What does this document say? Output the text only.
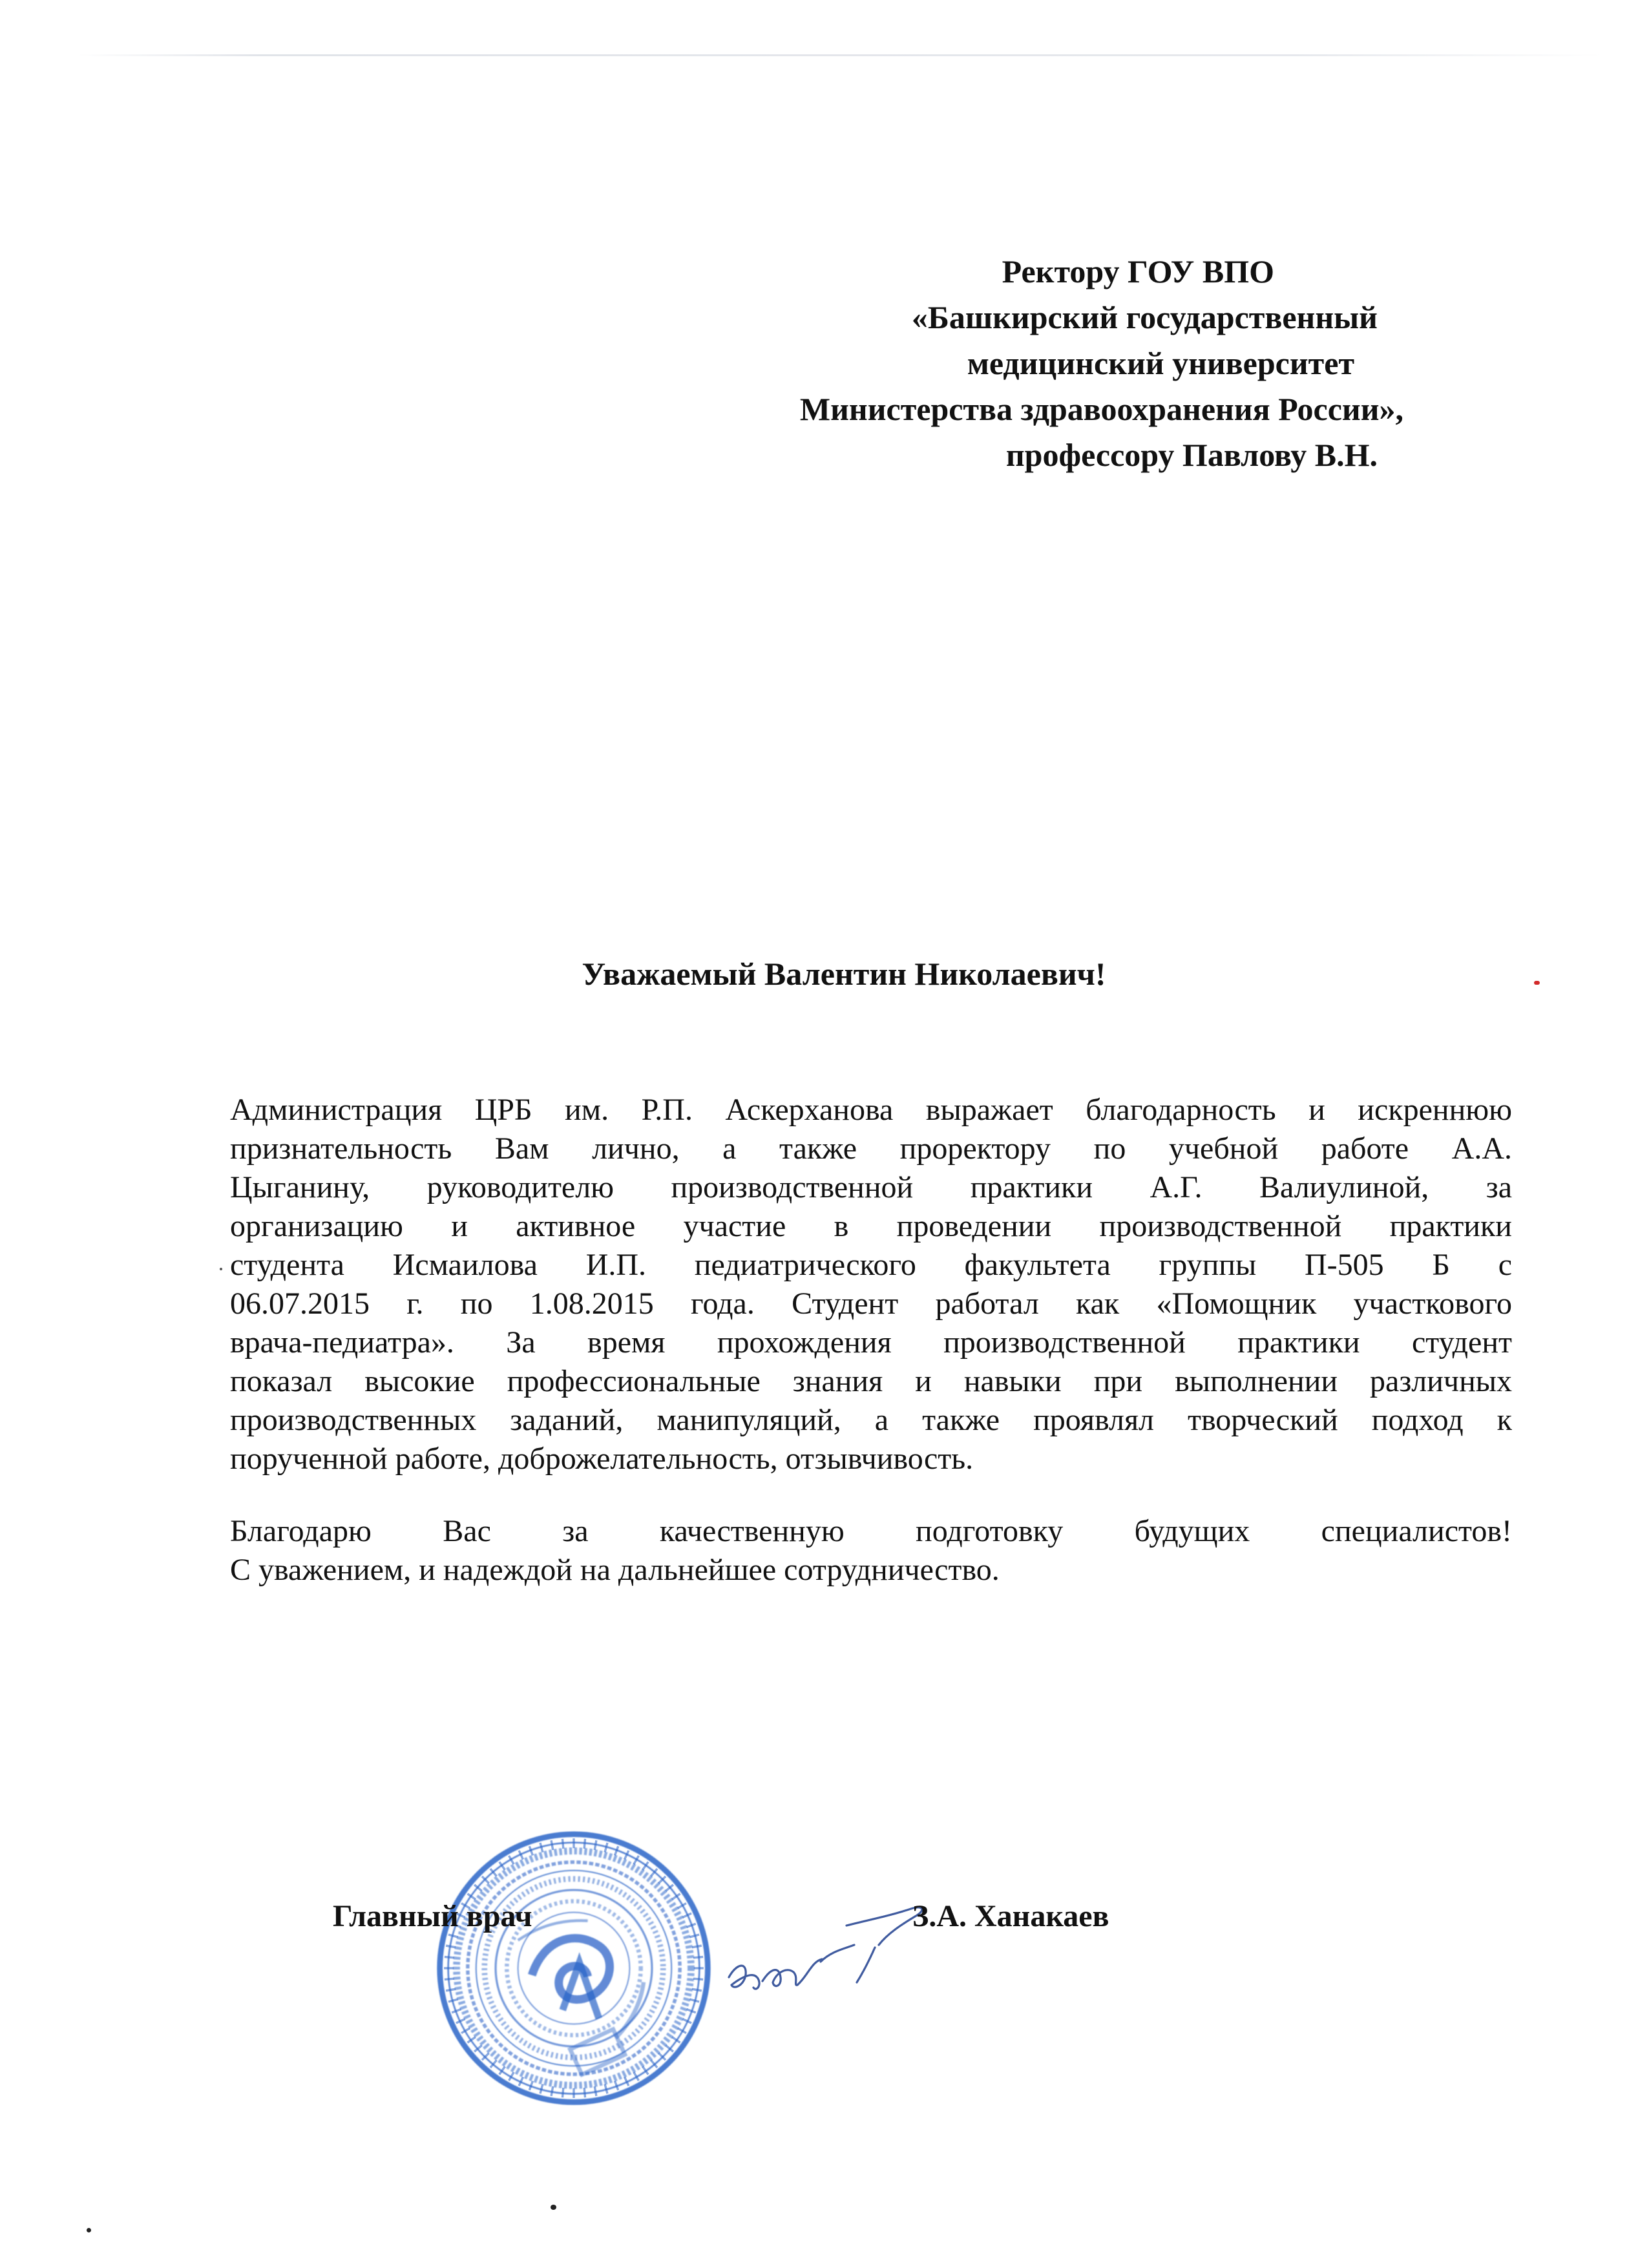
Ректору ГОУ ВПО
«Башкирский государственный
медицинский университет
Министерства здравоохранения России»,
профессору Павлову В.Н.
Уважаемый Валентин Николаевич!
Администрация ЦРБ им. Р.П. Аскерханова выражает благодарность и искреннюю
признательность Вам лично, а также проректору по учебной работе А.А.
Цыганину, руководителю производственной практики А.Г. Валиулиной, за
организацию и активное участие в проведении производственной практики
студента Исмаилова И.П. педиатрического факультета группы П-505 Б с
06.07.2015 г. по 1.08.2015 года. Студент работал как «Помощник участкового
врача-педиатра». За время прохождения производственной практики студент
показал высокие профессиональные знания и навыки при выполнении различных
производственных заданий, манипуляций, а также проявлял творческий подход к
порученной работе, доброжелательность, отзывчивость.
Благодарю Вас за качественную подготовку будущих специалистов!
С уважением, и надеждой на дальнейшее сотрудничество.
Главный врач	З.А. Ханакаев
